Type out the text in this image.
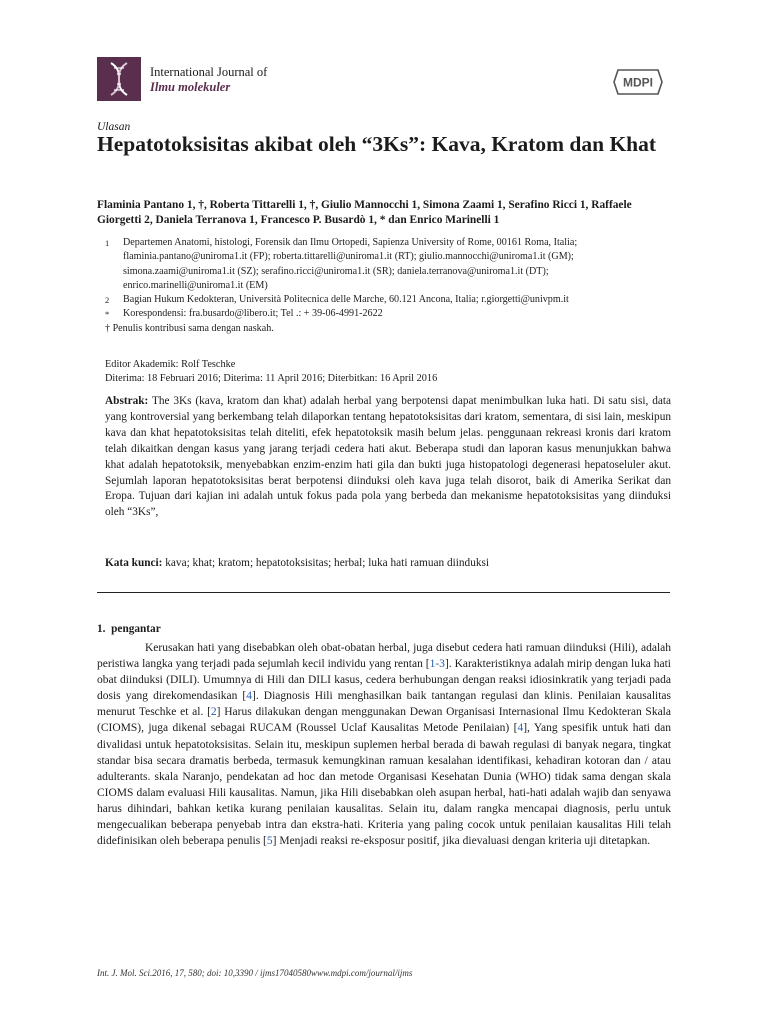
International Journal of
Ilmu molekuler	MDPI
Ulasan
Hepatotoksisitas akibat oleh “3Ks”: Kava, Kratom dan Khat
Flaminia Pantano 1, †, Roberta Tittarelli 1, †, Giulio Mannocchi 1, Simona Zaami 1, Serafino Ricci 1, Raffaele Giorgetti 2, Daniela Terranova 1, Francesco P. Busardò 1, * dan Enrico Marinelli 1
1	Departemen Anatomi, histologi, Forensik dan Ilmu Ortopedi, Sapienza University of Rome, 00161 Roma, Italia; flaminia.pantano@uniroma1.it (FP); roberta.tittarelli@uniroma1.it (RT); giulio.mannocchi@uniroma1.it (GM); simona.zaami@uniroma1.it (SZ); serafino.ricci@uniroma1.it (SR); daniela.terranova@uniroma1.it (DT); enrico.marinelli@uniroma1.it (EM)
2	Bagian Hukum Kedokteran, Università Politecnica delle Marche, 60.121 Ancona, Italia; r.giorgetti@univpm.it
*	Korespondensi: fra.busardo@libero.it; Tel .: + 39-06-4991-2622
† Penulis kontribusi sama dengan naskah.
Editor Akademik: Rolf Teschke
Diterima: 18 Februari 2016; Diterima: 11 April 2016; Diterbitkan: 16 April 2016
Abstrak: The 3Ks (kava, kratom dan khat) adalah herbal yang berpotensi dapat menimbulkan luka hati. Di satu sisi, data yang kontroversial yang berkembang telah dilaporkan tentang hepatotoksisitas dari kratom, sementara, di sisi lain, meskipun kava dan khat hepatotoksisitas telah diteliti, efek hepatotoksik masih belum jelas. penggunaan rekreasi kronis dari kratom telah dikaitkan dengan kasus yang jarang terjadi cedera hati akut. Beberapa studi dan laporan kasus menunjukkan bahwa khat adalah hepatotoksik, menyebabkan enzim-enzim hati gila dan bukti juga histopatologi degenerasi hepatoseluler akut. Sejumlah laporan hepatotoksisitas berat berpotensi diinduksi oleh kava juga telah disorot, baik di Amerika Serikat dan Eropa. Tujuan dari kajian ini adalah untuk fokus pada pola yang berbeda dan mekanisme hepatotoksisitas yang diinduksi oleh “3Ks”,
Kata kunci: kava; khat; kratom; hepatotoksisitas; herbal; luka hati ramuan diinduksi
1. pengantar

Kerusakan hati yang disebabkan oleh obat-obatan herbal, juga disebut cedera hati ramuan diinduksi (Hili), adalah peristiwa langka yang terjadi pada sejumlah kecil individu yang rentan [1-3]. Karakteristiknya adalah mirip dengan luka hati obat diinduksi (DILI). Umumnya di Hili dan DILI kasus, cedera berhubungan dengan reaksi idiosinkratik yang terjadi pada dosis yang direkomendasikan [4]. Diagnosis Hili menghasilkan baik tantangan regulasi dan klinis. Penilaian kausalitas menurut Teschke et al. [2] Harus dilakukan dengan menggunakan Dewan Organisasi Internasional Ilmu Kedokteran Skala (CIOMS), juga dikenal sebagai RUCAM (Roussel Uclaf Kausalitas Metode Penilaian) [4], Yang spesifik untuk hati dan divalidasi untuk hepatotoksisitas. Selain itu, meskipun suplemen herbal berada di bawah regulasi di banyak negara, tingkat standar bisa secara dramatis berbeda, termasuk kemungkinan ramuan kesalahan identifikasi, kehadiran kotoran dan / atau adulterants. skala Naranjo, pendekatan ad hoc dan metode Organisasi Kesehatan Dunia (WHO) tidak sama dengan skala CIOMS dalam evaluasi Hili kausalitas. Namun, jika Hili disebabkan oleh asupan herbal, hati-hati adalah wajib dan senyawa harus dihindari, bahkan ketika kurang penilaian kausalitas. Selain itu, dalam rangka mencapai diagnosis, perlu untuk mengecualikan beberapa penyebab intra dan ekstra-hati. Kriteria yang paling cocok untuk penilaian kausalitas Hili telah didefinisikan oleh beberapa penulis [5] Menjadi reaksi re-eksposur positif, jika dievaluasi dengan kriteria uji ditetapkan.

Int. J. Mol. Sci.2016, 17, 580; doi: 10,3390 / ijms17040580www.mdpi.com/journal/ijms
